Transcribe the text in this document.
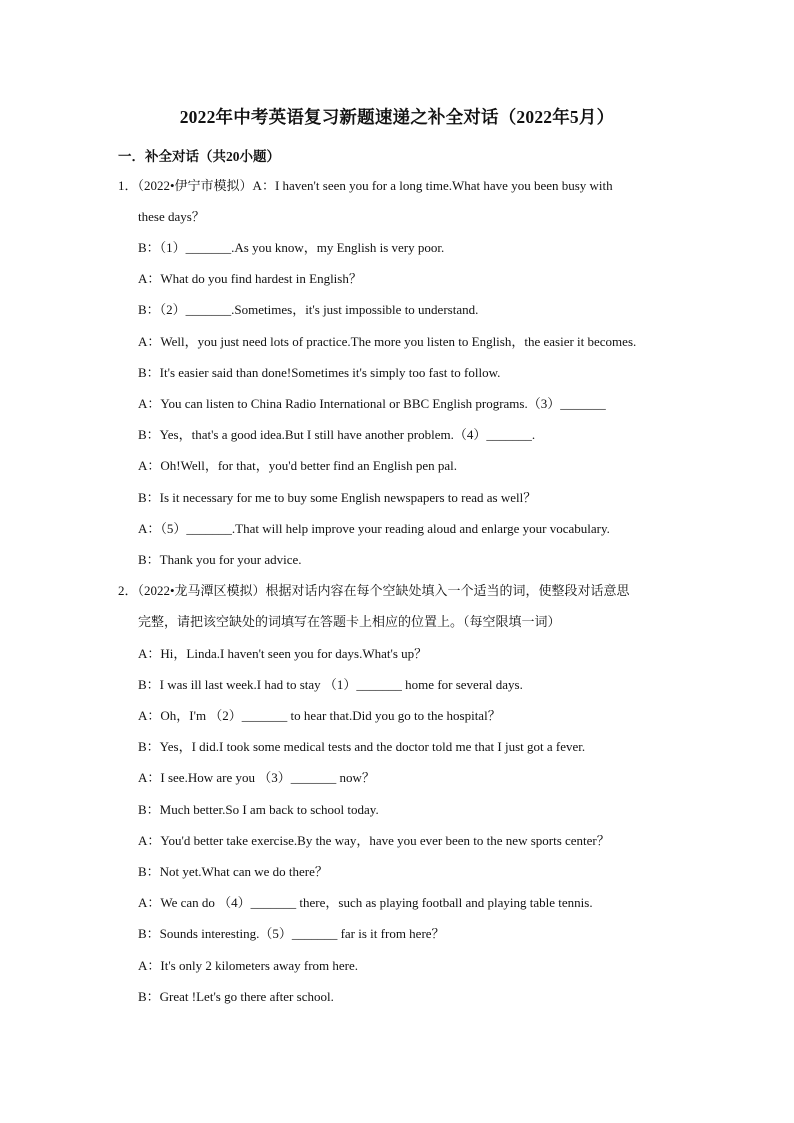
2022年中考英语复习新题速递之补全对话（2022年5月）
一．补全对话（共20小题）
1．（2022•伊宁市模拟）A：I haven't seen you for a long time.What have you been busy with
these days？
B：（1）_______.As you know，my English is very poor.
A：What do you find hardest in English？
B：（2）_______.Sometimes，it's just impossible to understand.
A：Well，you just need lots of practice.The more you listen to English，the easier it becomes.
B：It's easier said than done!Sometimes it's simply too fast to follow.
A：You can listen to China Radio International or BBC English programs.（3）_______
B：Yes，that's a good idea.But I still have another problem.（4）_______.
A：Oh!Well，for that，you'd better find an English pen pal.
B：Is it necessary for me to buy some English newspapers to read as well？
A：（5）_______.That will help improve your reading aloud and enlarge your vocabulary.
B：Thank you for your advice.
2．（2022•龙马潭区模拟）根据对话内容在每个空缺处填入一个适当的词，使整段对话意思
完整，请把该空缺处的词填写在答题卡上相应的位置上。（每空限填一词）
A：Hi，Linda.I haven't seen you for days.What's up？
B：I was ill last week.I had to stay （1）_______ home for several days.
A：Oh，I'm （2）_______ to hear that.Did you go to the hospital？
B：Yes，I did.I took some medical tests and the doctor told me that I just got a fever.
A：I see.How are you （3）_______ now？
B：Much better.So I am back to school today.
A：You'd better take exercise.By the way，have you ever been to the new sports center？
B：Not yet.What can we do there？
A：We can do （4）_______ there，such as playing football and playing table tennis.
B：Sounds interesting.（5）_______ far is it from here？
A：It's only 2 kilometers away from here.
B：Great !Let's go there after school.
